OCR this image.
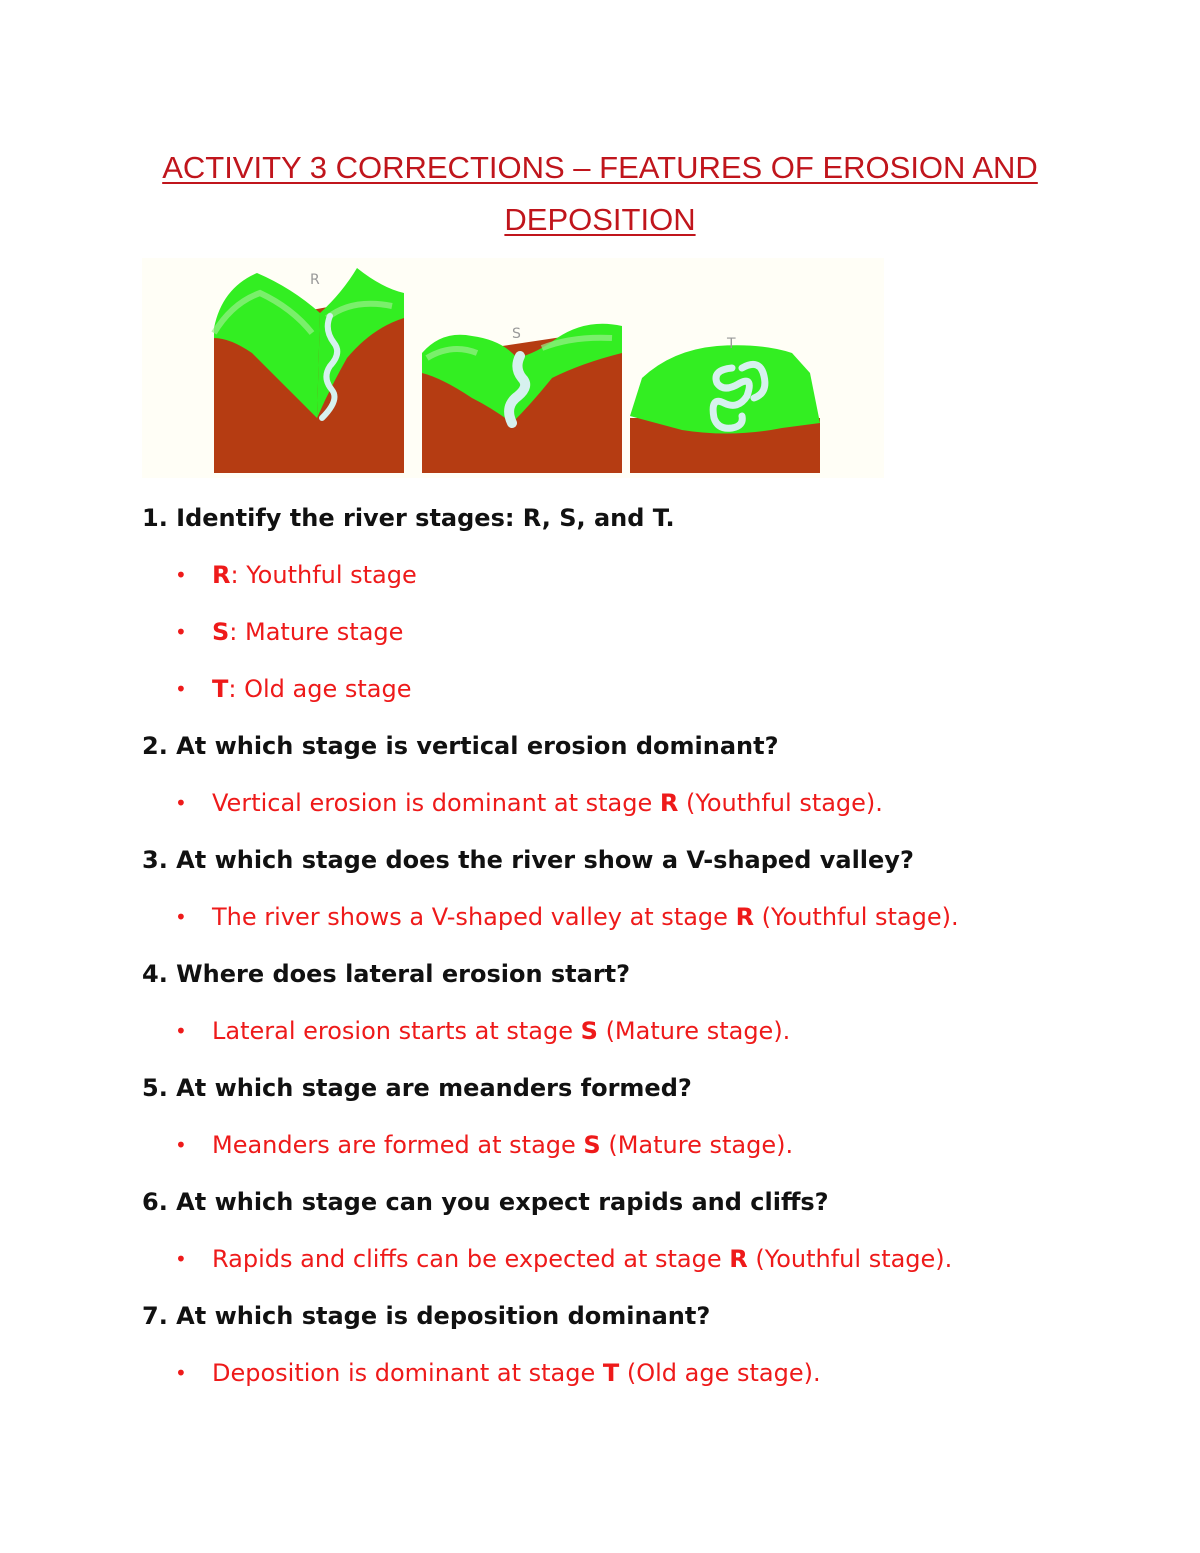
ACTIVITY 3 CORRECTIONS – FEATURES OF EROSION AND
DEPOSITION
R
S
T

1. Identify the river stages: R, S, and T.

• R: Youthful stage

• S: Mature stage

• T: Old age stage

2. At which stage is vertical erosion dominant?

• Vertical erosion is dominant at stage R (Youthful stage).

3. At which stage does the river show a V-shaped valley?

• The river shows a V-shaped valley at stage R (Youthful stage).

4. Where does lateral erosion start?

• Lateral erosion starts at stage S (Mature stage).

5. At which stage are meanders formed?

• Meanders are formed at stage S (Mature stage).

6. At which stage can you expect rapids and cliffs?

• Rapids and cliffs can be expected at stage R (Youthful stage).

7. At which stage is deposition dominant?

• Deposition is dominant at stage T (Old age stage).
